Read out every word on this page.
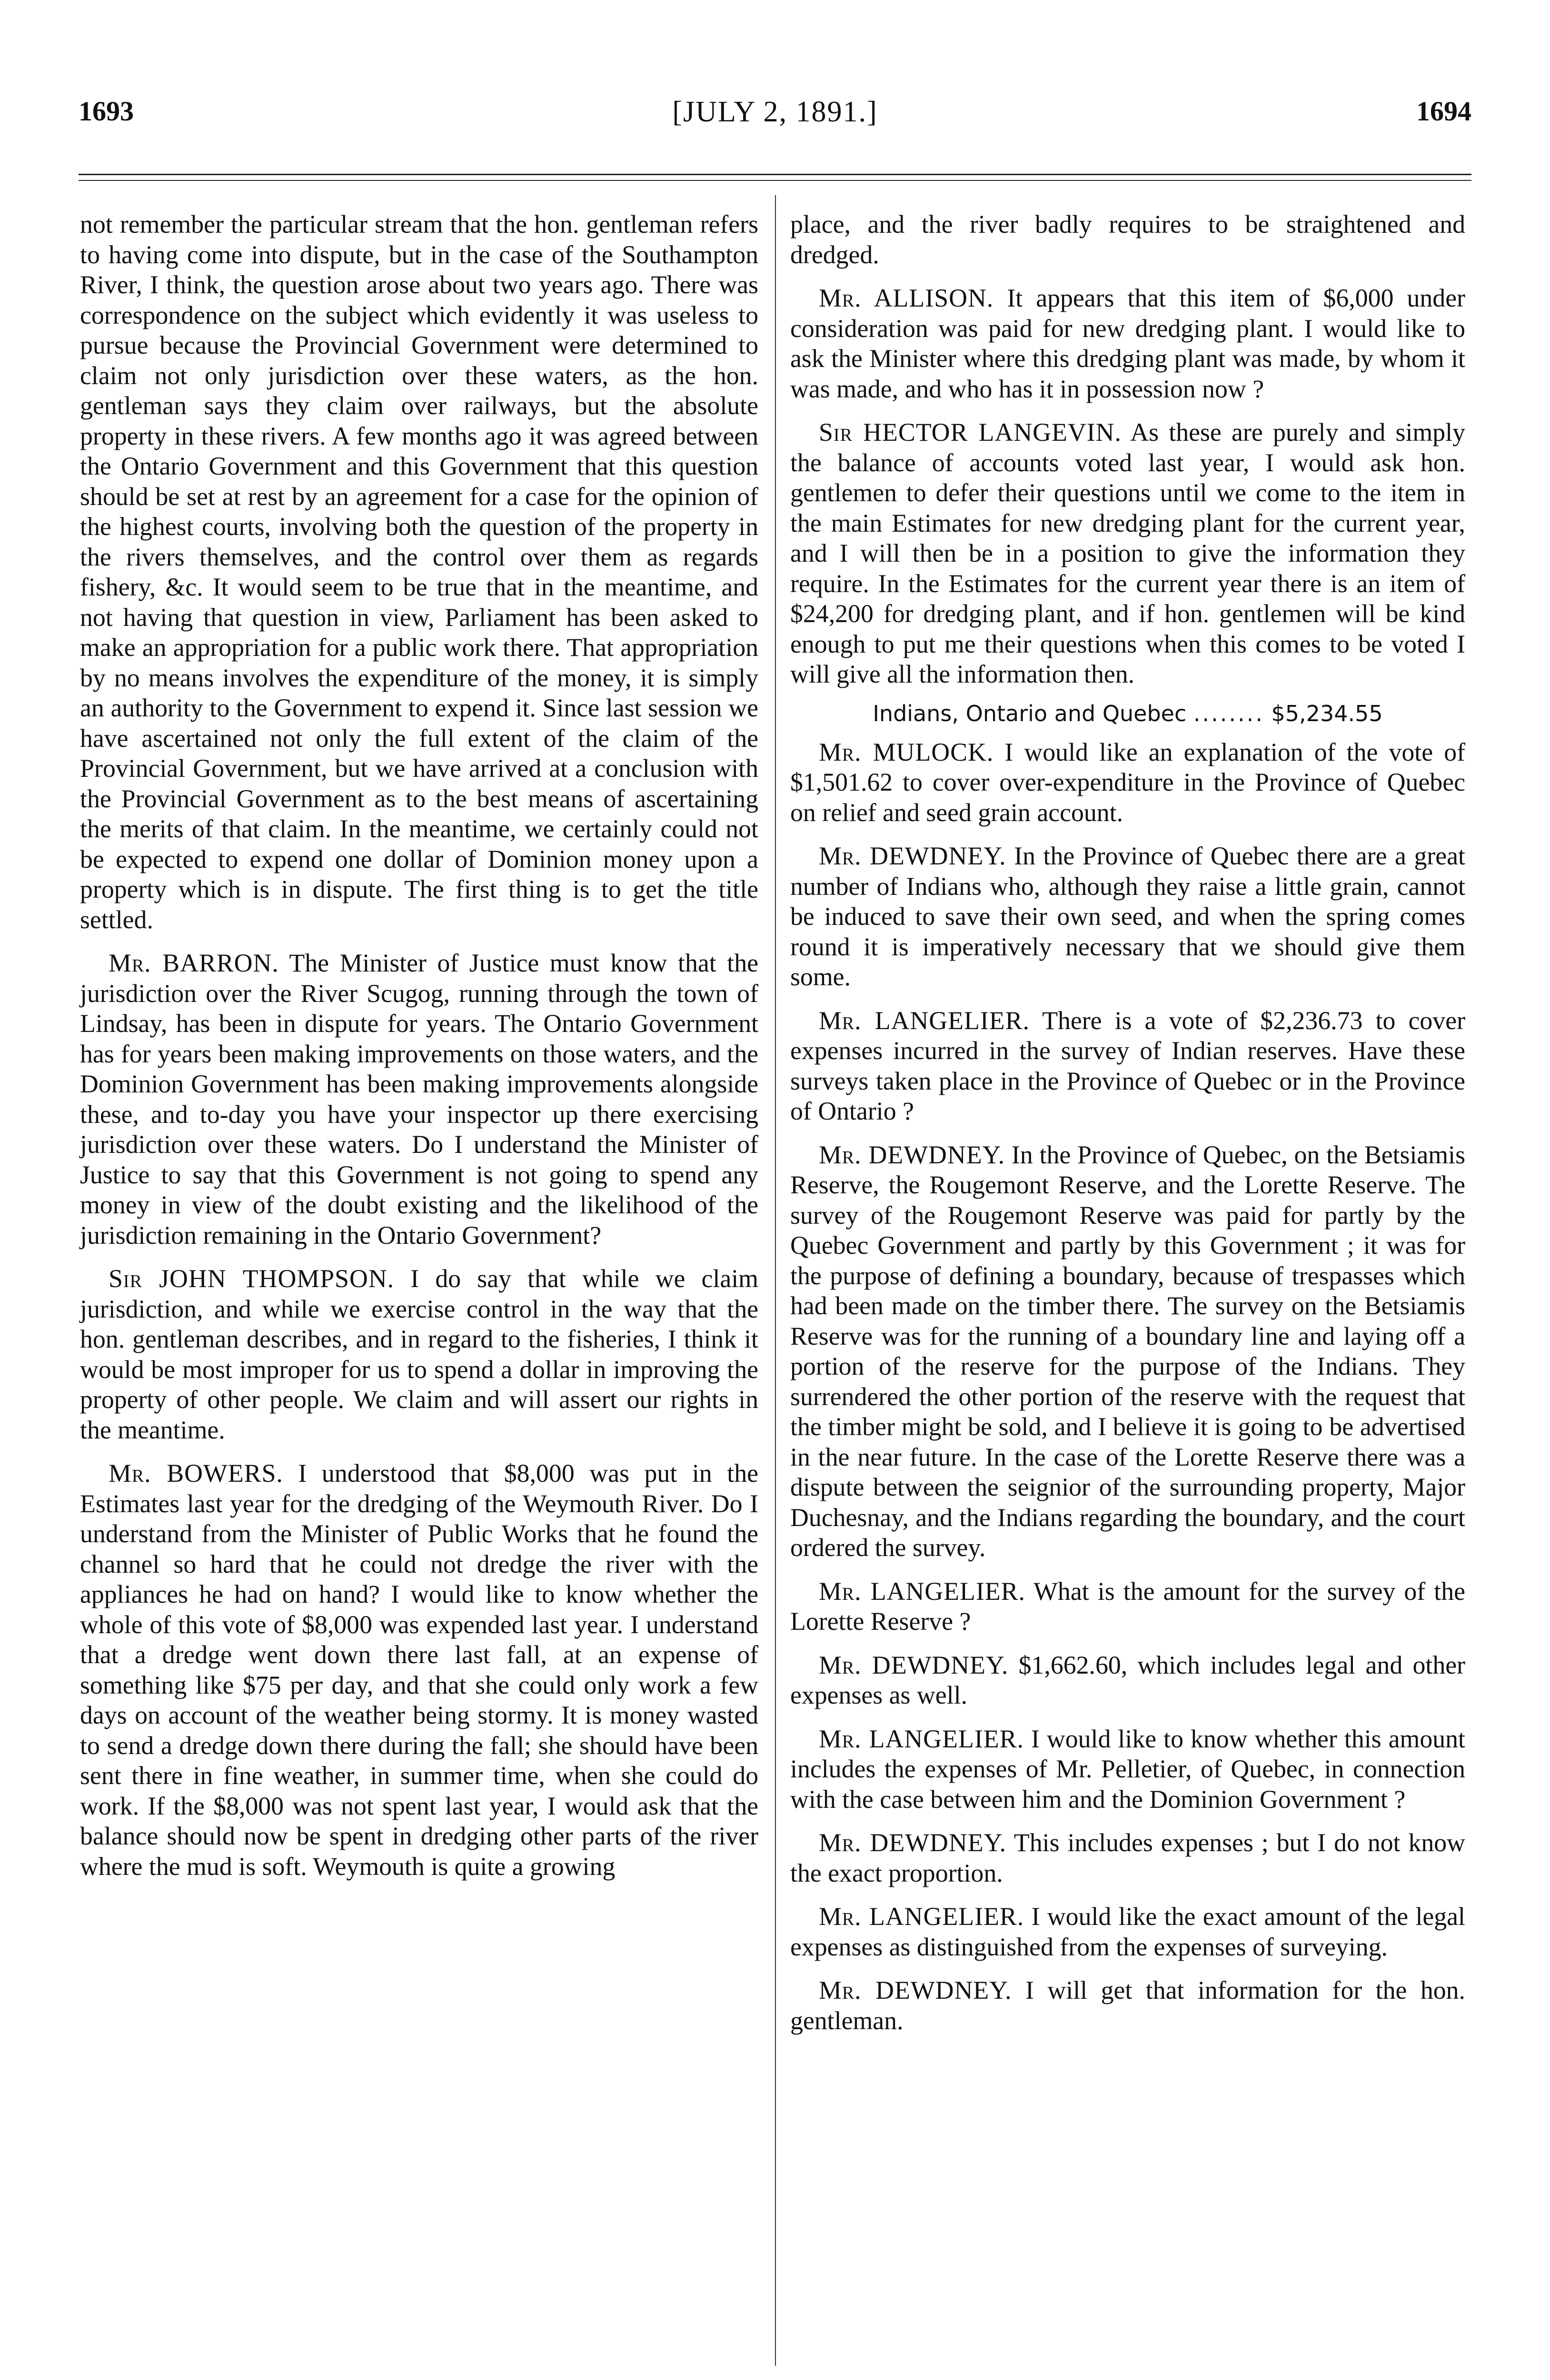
1693	[JULY 2, 1891.]	1694

not remember the particular stream that the hon. gentleman refers to having come into dispute, but in the case of the Southampton River, I think, the question arose about two years ago. There was correspondence on the subject which evidently it was useless to pursue because the Provincial Government were determined to claim not only jurisdiction over these waters, as the hon. gentleman says they claim over railways, but the absolute property in these rivers. A few months ago it was agreed between the Ontario Government and this Government that this question should be set at rest by an agreement for a case for the opinion of the highest courts, involving both the question of the property in the rivers themselves, and the control over them as regards fishery, &c. It would seem to be true that in the meantime, and not having that question in view, Parliament has been asked to make an appropriation for a public work there. That appropriation by no means involves the expenditure of the money, it is simply an authority to the Government to expend it. Since last session we have ascertained not only the full extent of the claim of the Provincial Government, but we have arrived at a conclusion with the Provincial Government as to the best means of ascertaining the merits of that claim. In the meantime, we certainly could not be expected to expend one dollar of Dominion money upon a property which is in dispute. The first thing is to get the title settled.

Mr. BARRON. The Minister of Justice must know that the jurisdiction over the River Scugog, running through the town of Lindsay, has been in dispute for years. The Ontario Government has for years been making improvements on those waters, and the Dominion Government has been making improvements alongside these, and to-day you have your inspector up there exercising jurisdiction over these waters. Do I understand the Minister of Justice to say that this Government is not going to spend any money in view of the doubt existing and the likelihood of the jurisdiction remaining in the Ontario Government?

Sir JOHN THOMPSON. I do say that while we claim jurisdiction, and while we exercise control in the way that the hon. gentleman describes, and in regard to the fisheries, I think it would be most improper for us to spend a dollar in improving the property of other people. We claim and will assert our rights in the meantime.

Mr. BOWERS. I understood that $8,000 was put in the Estimates last year for the dredging of the Weymouth River. Do I understand from the Minister of Public Works that he found the channel so hard that he could not dredge the river with the appliances he had on hand? I would like to know whether the whole of this vote of $8,000 was expended last year. I understand that a dredge went down there last fall, at an expense of something like $75 per day, and that she could only work a few days on account of the weather being stormy. It is money wasted to send a dredge down there during the fall; she should have been sent there in fine weather, in summer time, when she could do work. If the $8,000 was not spent last year, I would ask that the balance should now be spent in dredging other parts of the river where the mud is soft. Weymouth is quite a growing

place, and the river badly requires to be straightened and dredged.

Mr. ALLISON. It appears that this item of $6,000 under consideration was paid for new dredging plant. I would like to ask the Minister where this dredging plant was made, by whom it was made, and who has it in possession now ?

Sir HECTOR LANGEVIN. As these are purely and simply the balance of accounts voted last year, I would ask hon. gentlemen to defer their questions until we come to the item in the main Estimates for new dredging plant for the current year, and I will then be in a position to give the information they require. In the Estimates for the current year there is an item of $24,200 for dredging plant, and if hon. gentlemen will be kind enough to put me their questions when this comes to be voted I will give all the information then.

Indians, Ontario and Quebec ........ $5,234.55

Mr. MULOCK. I would like an explanation of the vote of $1,501.62 to cover over-expenditure in the Province of Quebec on relief and seed grain account.

Mr. DEWDNEY. In the Province of Quebec there are a great number of Indians who, although they raise a little grain, cannot be induced to save their own seed, and when the spring comes round it is imperatively necessary that we should give them some.

Mr. LANGELIER. There is a vote of $2,236.73 to cover expenses incurred in the survey of Indian reserves. Have these surveys taken place in the Province of Quebec or in the Province of Ontario ?

Mr. DEWDNEY. In the Province of Quebec, on the Betsiamis Reserve, the Rougemont Reserve, and the Lorette Reserve. The survey of the Rougemont Reserve was paid for partly by the Quebec Government and partly by this Government ; it was for the purpose of defining a boundary, because of trespasses which had been made on the timber there. The survey on the Betsiamis Reserve was for the running of a boundary line and laying off a portion of the reserve for the purpose of the Indians. They surrendered the other portion of the reserve with the request that the timber might be sold, and I believe it is going to be advertised in the near future. In the case of the Lorette Reserve there was a dispute between the seignior of the surrounding property, Major Duchesnay, and the Indians regarding the boundary, and the court ordered the survey.

Mr. LANGELIER. What is the amount for the survey of the Lorette Reserve ?

Mr. DEWDNEY. $1,662.60, which includes legal and other expenses as well.

Mr. LANGELIER. I would like to know whether this amount includes the expenses of Mr. Pelletier, of Quebec, in connection with the case between him and the Dominion Government ?

Mr. DEWDNEY. This includes expenses ; but I do not know the exact proportion.

Mr. LANGELIER. I would like the exact amount of the legal expenses as distinguished from the expenses of surveying.

Mr. DEWDNEY. I will get that information for the hon. gentleman.
